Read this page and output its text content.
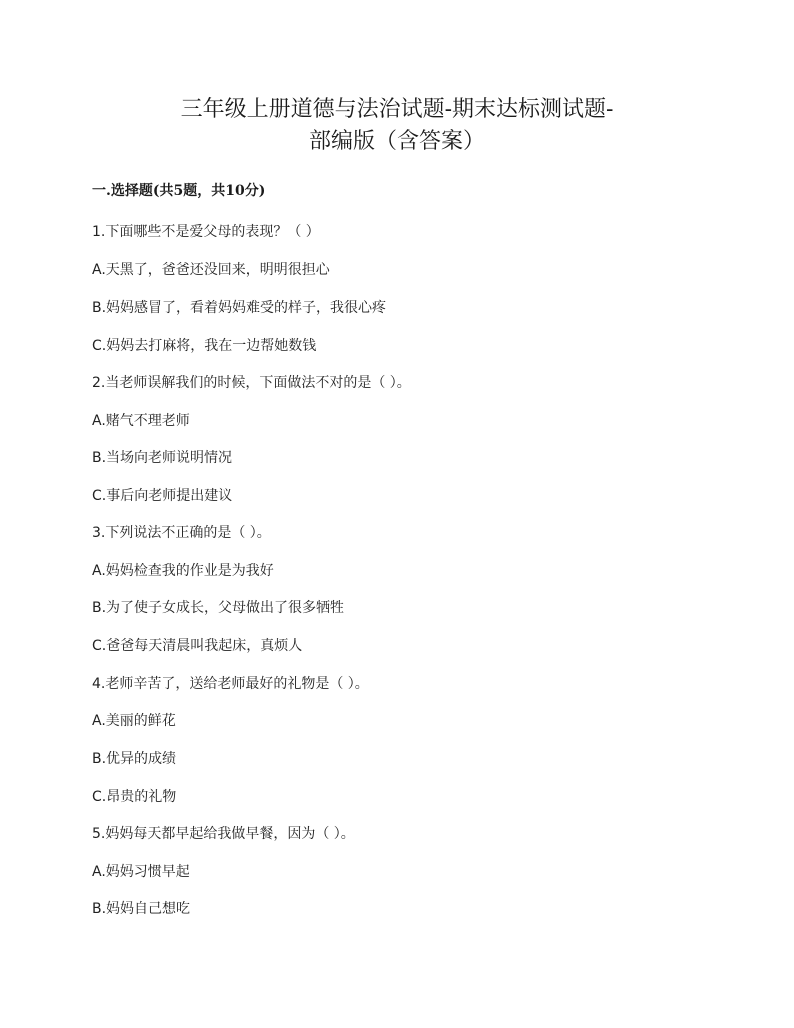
三年级上册道德与法治试题-期末达标测试题-
部编版（含答案）
一.选择题(共5题，共10分)
1.下面哪些不是爱父母的表现？（ ）
A.天黑了，爸爸还没回来，明明很担心
B.妈妈感冒了，看着妈妈难受的样子，我很心疼
C.妈妈去打麻将，我在一边帮她数钱
2.当老师误解我们的时候，下面做法不对的是（ ）。
A.赌气不理老师
B.当场向老师说明情况
C.事后向老师提出建议
3.下列说法不正确的是（ ）。
A.妈妈检查我的作业是为我好
B.为了使子女成长，父母做出了很多牺牲
C.爸爸每天清晨叫我起床，真烦人
4.老师辛苦了，送给老师最好的礼物是（ ）。
A.美丽的鲜花
B.优异的成绩
C.昂贵的礼物
5.妈妈每天都早起给我做早餐，因为（ ）。
A.妈妈习惯早起
B.妈妈自己想吃
